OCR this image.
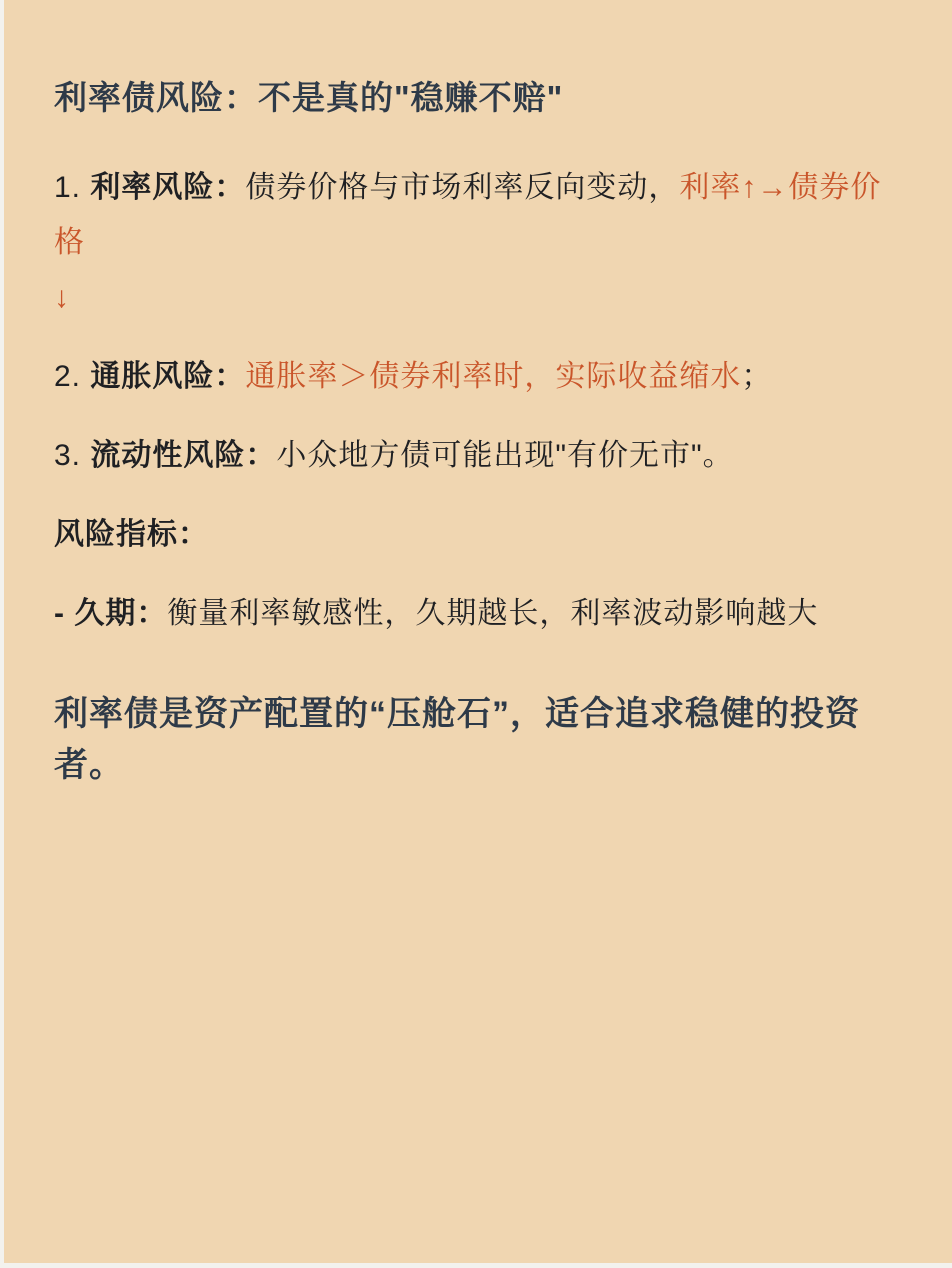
利率债风险：不是真的"稳赚不赔"

1. 利率风险：债券价格与市场利率反向变动，利率↑→债券价格
↓

2. 通胀风险：通胀率＞债券利率时，实际收益缩水；

3. 流动性风险：小众地方债可能出现"有价无市"。

风险指标：

- 久期：衡量利率敏感性，久期越长，利率波动影响越大

利率债是资产配置的“压舱石”，适合追求稳健的投资者。
